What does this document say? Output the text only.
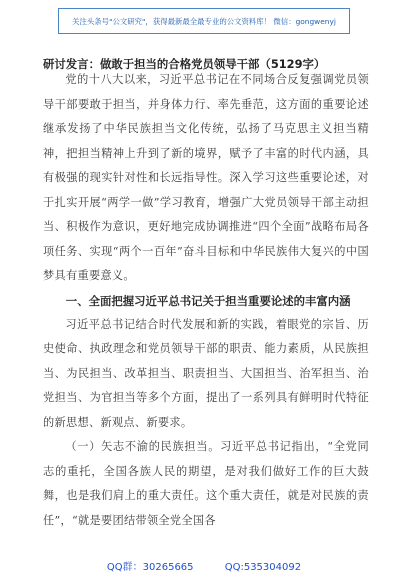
关注头条号"公文研究"，获得最新最全最专业的公文资料库！ 微信：gongwenyj
研讨发言：做敢于担当的合格党员领导干部（5129字）

党的十八大以来，习近平总书记在不同场合反复强调党员领导干部要敢于担当，并身体力行、率先垂范，这方面的重要论述继承发扬了中华民族担当文化传统，弘扬了马克思主义担当精神，把担当精神上升到了新的境界，赋予了丰富的时代内涵，具有极强的现实针对性和长远指导性。深入学习这些重要论述，对于扎实开展“两学一做”学习教育，增强广大党员领导干部主动担当、积极作为意识，更好地完成协调推进“四个全面”战略布局各项任务、实现“两个一百年”奋斗目标和中华民族伟大复兴的中国梦具有重要意义。

一、全面把握习近平总书记关于担当重要论述的丰富内涵

习近平总书记结合时代发展和新的实践，着眼党的宗旨、历史使命、执政理念和党员领导干部的职责、能力素质，从民族担当、为民担当、改革担当、职责担当、大国担当、治军担当、治党担当、为官担当等多个方面，提出了一系列具有鲜明时代特征的新思想、新观点、新要求。

（一）矢志不渝的民族担当。习近平总书记指出，“全党同志的重托，全国各族人民的期望，是对我们做好工作的巨大鼓舞，也是我们肩上的重大责任。这个重大责任，就是对民族的责任”，“就是要团结带领全党全国各

QQ群：30265665	QQ:535304092
